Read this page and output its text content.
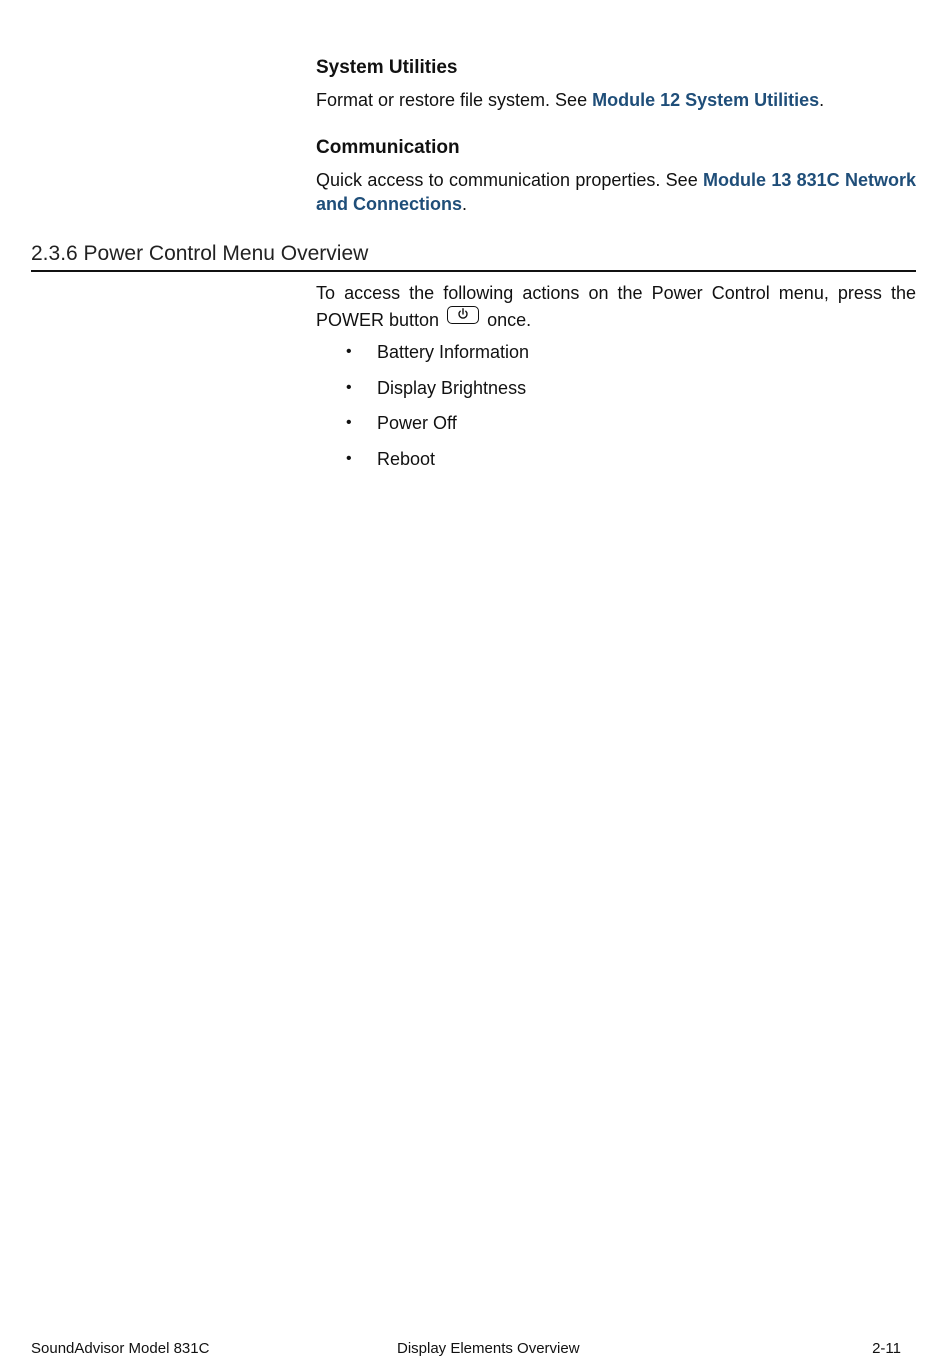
System Utilities

Format or restore file system. See Module 12 System Utilities.

Communication

Quick access to communication properties. See Module 13 831C Network and Connections.

2.3.6 Power Control Menu Overview

To access the following actions on the Power Control menu, press the POWER button	once.

• Battery Information
• Display Brightness
• Power Off
• Reboot
SoundAdvisor Model 831C	Display Elements Overview	2-11
